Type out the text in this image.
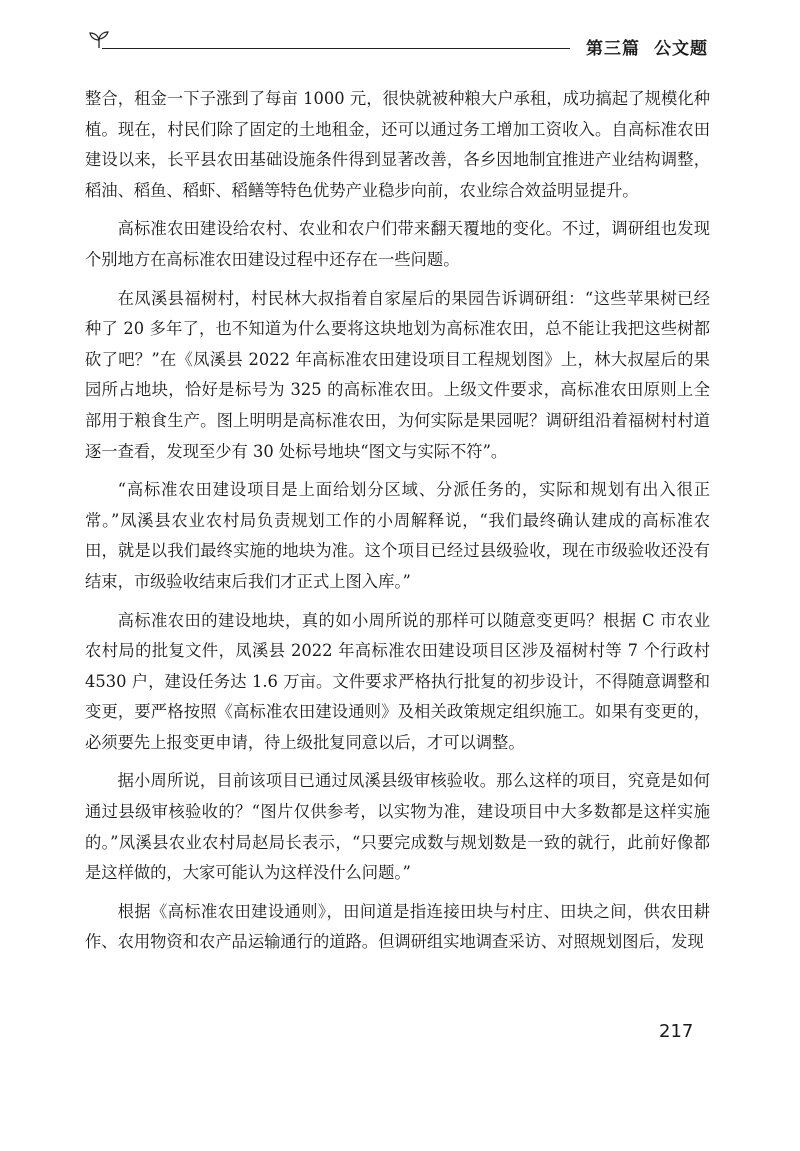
第三篇 公文题

整合，租金一下子涨到了每亩 1000 元，很快就被种粮大户承租，成功搞起了规模化种植。现在，村民们除了固定的土地租金，还可以通过务工增加工资收入。自高标准农田建设以来，长平县农田基础设施条件得到显著改善，各乡因地制宜推进产业结构调整，稻油、稻鱼、稻虾、稻鳝等特色优势产业稳步向前，农业综合效益明显提升。

高标准农田建设给农村、农业和农户们带来翻天覆地的变化。不过，调研组也发现个别地方在高标准农田建设过程中还存在一些问题。

在凤溪县福树村，村民林大叔指着自家屋后的果园告诉调研组：“这些苹果树已经种了 20 多年了，也不知道为什么要将这块地划为高标准农田，总不能让我把这些树都砍了吧？”在《凤溪县 2022 年高标准农田建设项目工程规划图》上，林大叔屋后的果园所占地块，恰好是标号为 325 的高标准农田。上级文件要求，高标准农田原则上全部用于粮食生产。图上明明是高标准农田，为何实际是果园呢？调研组沿着福树村村道逐一查看，发现至少有 30 处标号地块“图文与实际不符”。

“高标准农田建设项目是上面给划分区域、分派任务的，实际和规划有出入很正常。”凤溪县农业农村局负责规划工作的小周解释说，“我们最终确认建成的高标准农田，就是以我们最终实施的地块为准。这个项目已经过县级验收，现在市级验收还没有结束，市级验收结束后我们才正式上图入库。”

高标准农田的建设地块，真的如小周所说的那样可以随意变更吗？根据 C 市农业农村局的批复文件，凤溪县 2022 年高标准农田建设项目区涉及福树村等 7 个行政村 4530 户，建设任务达 1.6 万亩。文件要求严格执行批复的初步设计，不得随意调整和变更，要严格按照《高标准农田建设通则》及相关政策规定组织施工。如果有变更的，必须要先上报变更申请，待上级批复同意以后，才可以调整。

据小周所说，目前该项目已通过凤溪县级审核验收。那么这样的项目，究竟是如何通过县级审核验收的？“图片仅供参考，以实物为准，建设项目中大多数都是这样实施的。”凤溪县农业农村局赵局长表示，“只要完成数与规划数是一致的就行，此前好像都是这样做的，大家可能认为这样没什么问题。”

根据《高标准农田建设通则》，田间道是指连接田块与村庄、田块之间，供农田耕作、农用物资和农产品运输通行的道路。但调研组实地调查采访、对照规划图后，发现

217
